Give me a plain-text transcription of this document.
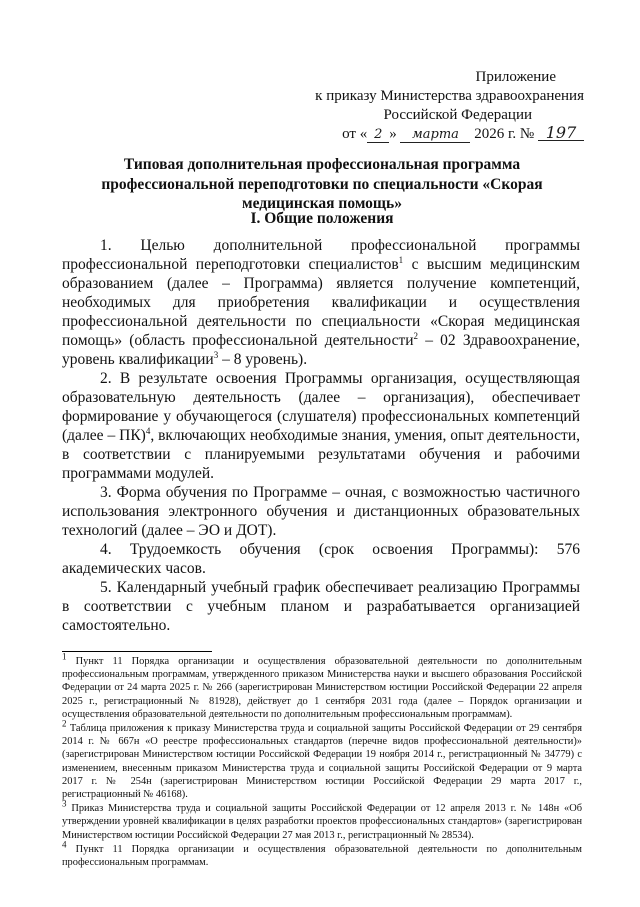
Приложение
к приказу Министерства здравоохранения
Российской Федерации
от « 2 » марта 2026 г. № 197
Типовая дополнительная профессиональная программа профессиональной переподготовки по специальности «Скорая медицинская помощь»
I. Общие положения

1. Целью дополнительной профессиональной программы профессиональной переподготовки специалистов$^1$ с высшим медицинским образованием (далее – Программа) является получение компетенций, необходимых для приобретения квалификации и осуществления профессиональной деятельности по специальности «Скорая медицинская помощь» (область профессиональной деятельности$^2$ – 02 Здравоохранение, уровень квалификации$^3$ – 8 уровень).

2. В результате освоения Программы организация, осуществляющая образовательную деятельность (далее – организация), обеспечивает формирование у обучающегося (слушателя) профессиональных компетенций (далее – ПК)$^4$, включающих необходимые знания, умения, опыт деятельности, в соответствии с планируемыми результатами обучения и рабочими программами модулей.

3. Форма обучения по Программе – очная, с возможностью частичного использования электронного обучения и дистанционных образовательных технологий (далее – ЭО и ДОТ).

4. Трудоемкость обучения (срок освоения Программы): 576 академических часов.

5. Календарный учебный график обеспечивает реализацию Программы в соответствии с учебным планом и разрабатывается организацией самостоятельно.

$^1$ Пункт 11 Порядка организации и осуществления образовательной деятельности по дополнительным профессиональным программам, утвержденного приказом Министерства науки и высшего образования Российской Федерации от 24 марта 2025 г. № 266 (зарегистрирован Министерством юстиции Российской Федерации 22 апреля 2025 г., регистрационный № 81928), действует до 1 сентября 2031 года (далее – Порядок организации и осуществления образовательной деятельности по дополнительным профессиональным программам).

$^2$ Таблица приложения к приказу Министерства труда и социальной защиты Российской Федерации от 29 сентября 2014 г. № 667н «О реестре профессиональных стандартов (перечне видов профессиональной деятельности)» (зарегистрирован Министерством юстиции Российской Федерации 19 ноября 2014 г., регистрационный № 34779) с изменением, внесенным приказом Министерства труда и социальной защиты Российской Федерации от 9 марта 2017 г. № 254н (зарегистрирован Министерством юстиции Российской Федерации 29 марта 2017 г., регистрационный № 46168).

$^3$ Приказ Министерства труда и социальной защиты Российской Федерации от 12 апреля 2013 г. № 148н «Об утверждении уровней квалификации в целях разработки проектов профессиональных стандартов» (зарегистрирован Министерством юстиции Российской Федерации 27 мая 2013 г., регистрационный № 28534).

$^4$ Пункт 11 Порядка организации и осуществления образовательной деятельности по дополнительным профессиональным программам.
